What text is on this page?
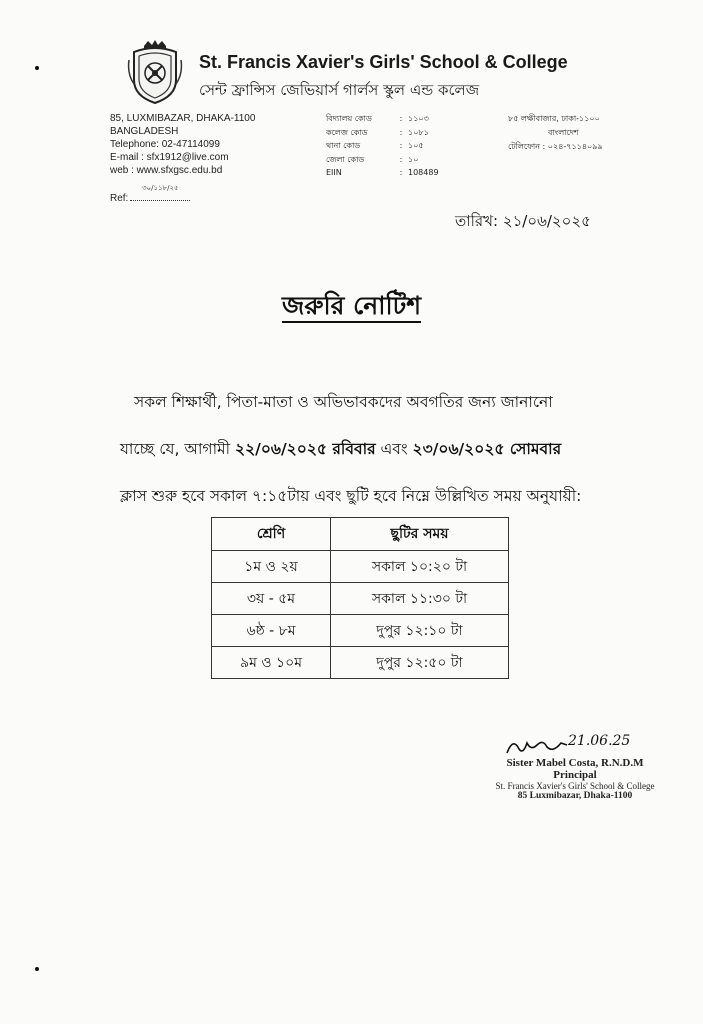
St. Francis Xavier's Girls' School & College
সেন্ট ফ্রান্সিস জেভিয়ার্স গার্লস স্কুল এন্ড কলেজ
85, LUXMIBAZAR, DHAKA-1100
BANGLADESH
Telephone: 02-47114099
E-mail : sfx1912@live.com
web : www.sfxgsc.edu.bd
৩০/১১৮/২৫
Ref:
বিদ্যালয় কোড	: ১১০৩
কলেজ কোড	: ১০৮১
থানা কোড	: ১০৫
জেলা কোড	: ১০
EIIN	: 108489
৮৫ লক্ষীবাজার, ঢাকা-১১০০
বাংলাদেশ
টেলিফোন : ০২৪-৭১১৪০৯৯
তারিখ: ২১/০৬/২০২৫
জরুরি নোটিশ
সকল শিক্ষার্থী, পিতা-মাতা ও অভিভাবকদের অবগতির জন্য জানানো
যাচ্ছে যে, আগামী ২২/০৬/২০২৫ রবিবার এবং ২৩/০৬/২০২৫ সোমবার
ক্লাস শুরু হবে সকাল ৭:১৫টায় এবং ছুটি হবে নিম্নে উল্লিখিত সময় অনুযায়ী:
শ্রেণি	ছুটির সময়
১ম ও ২য়	সকাল ১০:২০ টা
৩য় - ৫ম	সকাল ১১:৩০ টা
৬ষ্ঠ - ৮ম	দুপুর ১২:১০ টা
৯ম ও ১০ম	দুপুর ১২:৫০ টা
21.06.25
Sister Mabel Costa, R.N.D.M
Principal
St. Francis Xavier's Girls' School & College
85 Luxmibazar, Dhaka-1100
